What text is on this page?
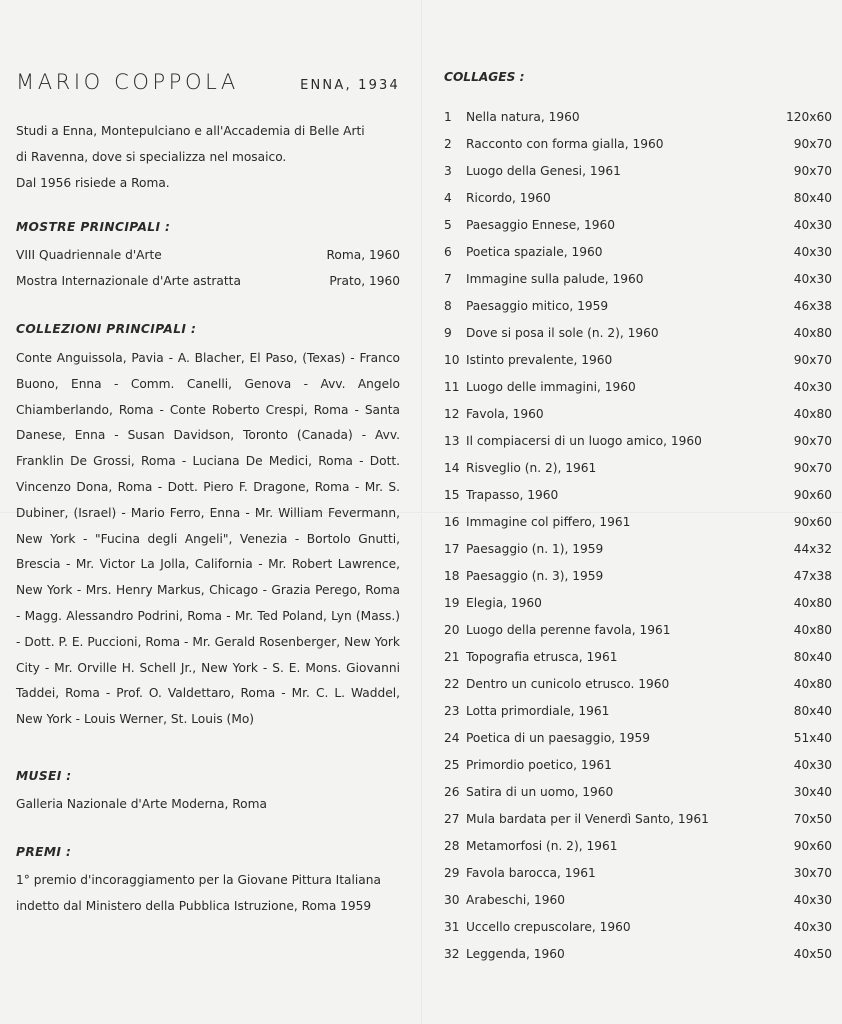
MARIO COPPOLA	ENNA, 1934
Studi a Enna, Montepulciano e all'Accademia di Belle Arti
di Ravenna, dove si specializza nel mosaico.
Dal 1956 risiede a Roma.
MOSTRE PRINCIPALI :
VIII Quadriennale d'Arte	Roma, 1960
Mostra Internazionale d'Arte astratta	Prato, 1960
COLLEZIONI PRINCIPALI :
Conte Anguissola, Pavia - A. Blacher, El Paso, (Texas) - Franco Buono, Enna - Comm. Canelli, Genova - Avv. Angelo Chiamberlando, Roma - Conte Roberto Crespi, Roma - Santa Danese, Enna - Susan Davidson, Toronto (Canada) - Avv. Franklin De Grossi, Roma - Luciana De Medici, Roma - Dott. Vincenzo Dona, Roma - Dott. Piero F. Dragone, Roma - Mr. S. Dubiner, (Israel) - Mario Ferro, Enna - Mr. William Fevermann, New York - "Fucina degli Angeli", Venezia - Bortolo Gnutti, Brescia - Mr. Victor La Jolla, California - Mr. Robert Lawrence, New York - Mrs. Henry Markus, Chicago - Grazia Perego, Roma - Magg. Alessandro Podrini, Roma - Mr. Ted Poland, Lyn (Mass.) - Dott. P. E. Puccioni, Roma - Mr. Gerald Rosenberger, New York City - Mr. Orville H. Schell Jr., New York - S. E. Mons. Giovanni Taddei, Roma - Prof. O. Valdettaro, Roma - Mr. C. L. Waddel, New York - Louis Werner, St. Louis (Mo)
MUSEI :
Galleria Nazionale d'Arte Moderna, Roma
PREMI :
1° premio d'incoraggiamento per la Giovane Pittura Italiana indetto dal Ministero della Pubblica Istruzione, Roma 1959
COLLAGES :
1	Nella natura, 1960	120x60
2	Racconto con forma gialla, 1960	90x70
3	Luogo della Genesi, 1961	90x70
4	Ricordo, 1960	80x40
5	Paesaggio Ennese, 1960	40x30
6	Poetica spaziale, 1960	40x30
7	Immagine sulla palude, 1960	40x30
8	Paesaggio mitico, 1959	46x38
9	Dove si posa il sole (n. 2), 1960	40x80
10 Istinto prevalente, 1960	90x70
11 Luogo delle immagini, 1960	40x30
12 Favola, 1960	40x80
13 Il compiacersi di un luogo amico, 1960	90x70
14 Risveglio (n. 2), 1961	90x70
15 Trapasso, 1960	90x60
16 Immagine col piffero, 1961	90x60
17 Paesaggio (n. 1), 1959	44x32
18 Paesaggio (n. 3), 1959	47x38
19 Elegia, 1960	40x80
20 Luogo della perenne favola, 1961	40x80
21 Topografia etrusca, 1961	80x40
22 Dentro un cunicolo etrusco. 1960	40x80
23 Lotta primordiale, 1961	80x40
24 Poetica di un paesaggio, 1959	51x40
25 Primordio poetico, 1961	40x30
26 Satira di un uomo, 1960	30x40
27 Mula bardata per il Venerdì Santo, 1961	70x50
28 Metamorfosi (n. 2), 1961	90x60
29 Favola barocca, 1961	30x70
30 Arabeschi, 1960	40x30
31 Uccello crepuscolare, 1960	40x30
32 Leggenda, 1960	40x50
